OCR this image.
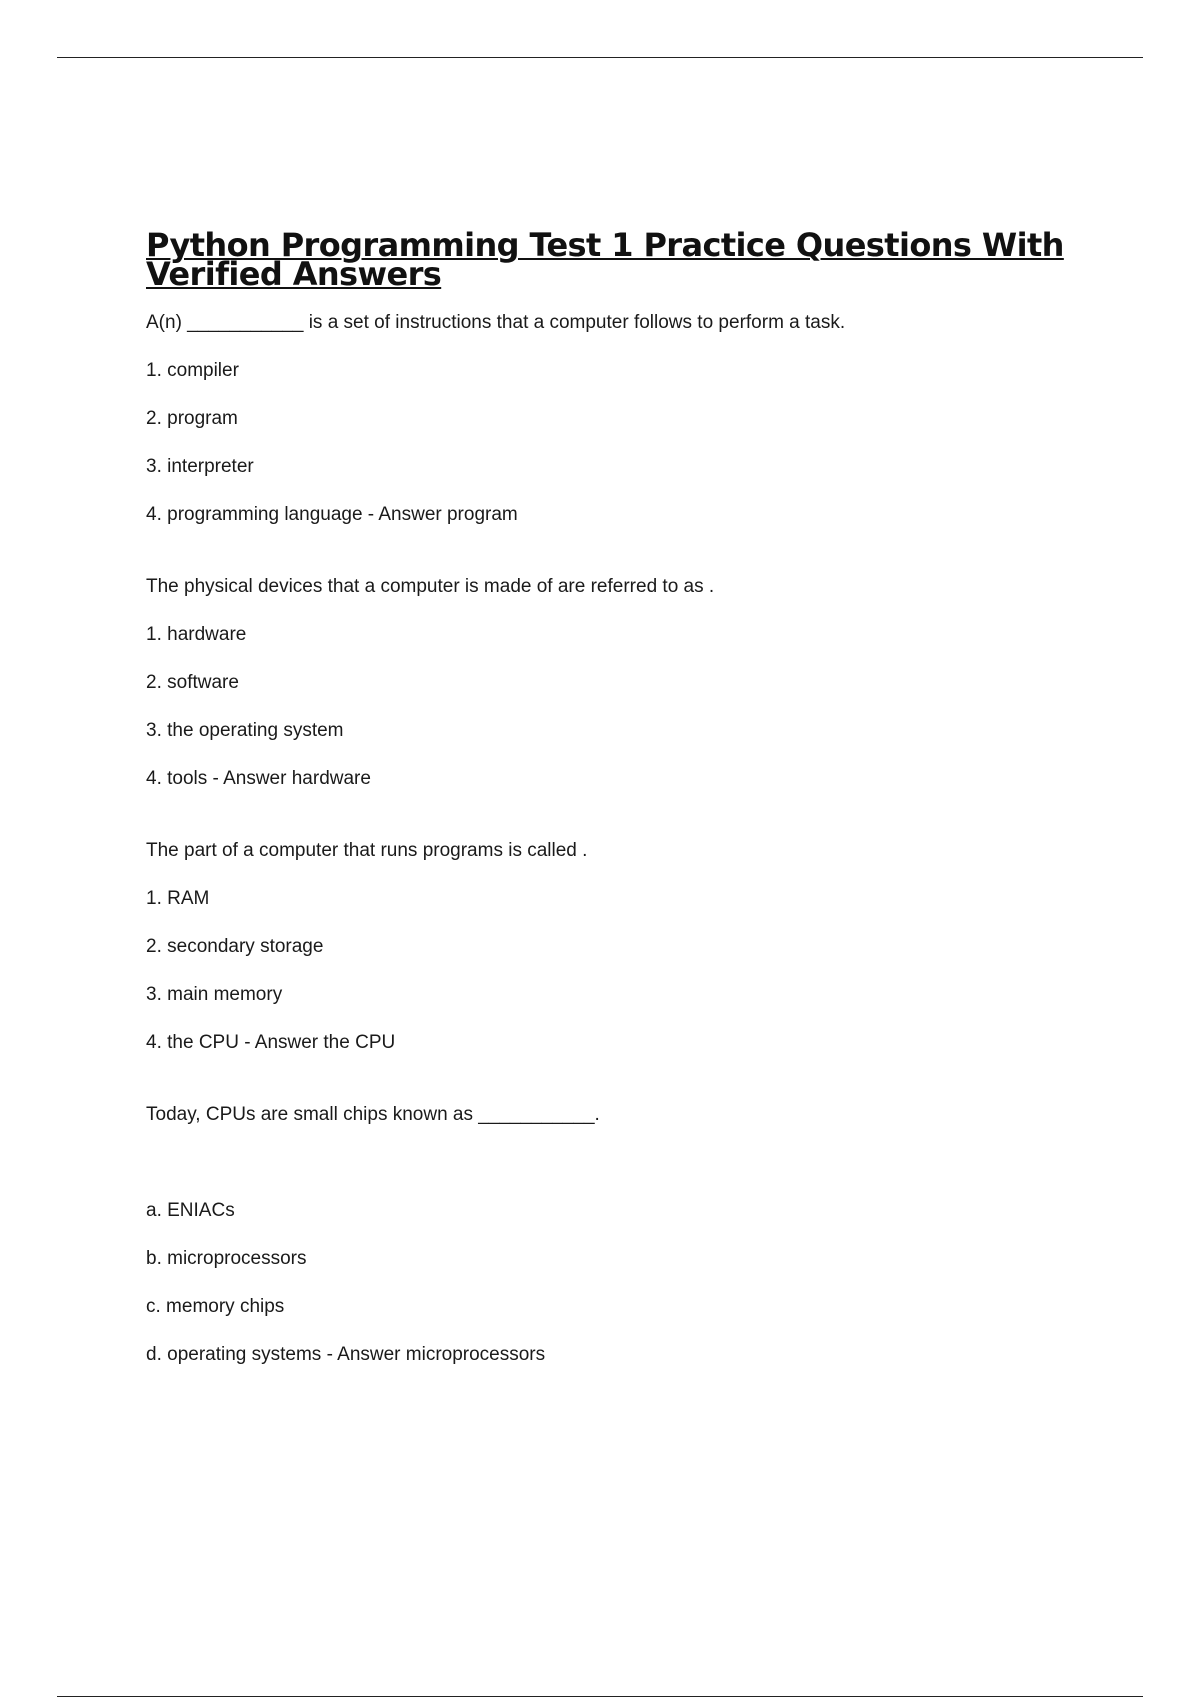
Python Programming Test 1 Practice Questions With
Verified Answers

A(n) ___________ is a set of instructions that a computer follows to perform a task.

1. compiler

2. program

3. interpreter

4. programming language - Answer program

The physical devices that a computer is made of are referred to as .

1. hardware

2. software

3. the operating system

4. tools - Answer hardware

The part of a computer that runs programs is called .

1. RAM

2. secondary storage

3. main memory

4. the CPU - Answer the CPU

Today, CPUs are small chips known as ___________.

a. ENIACs

b. microprocessors

c. memory chips

d. operating systems - Answer microprocessors
